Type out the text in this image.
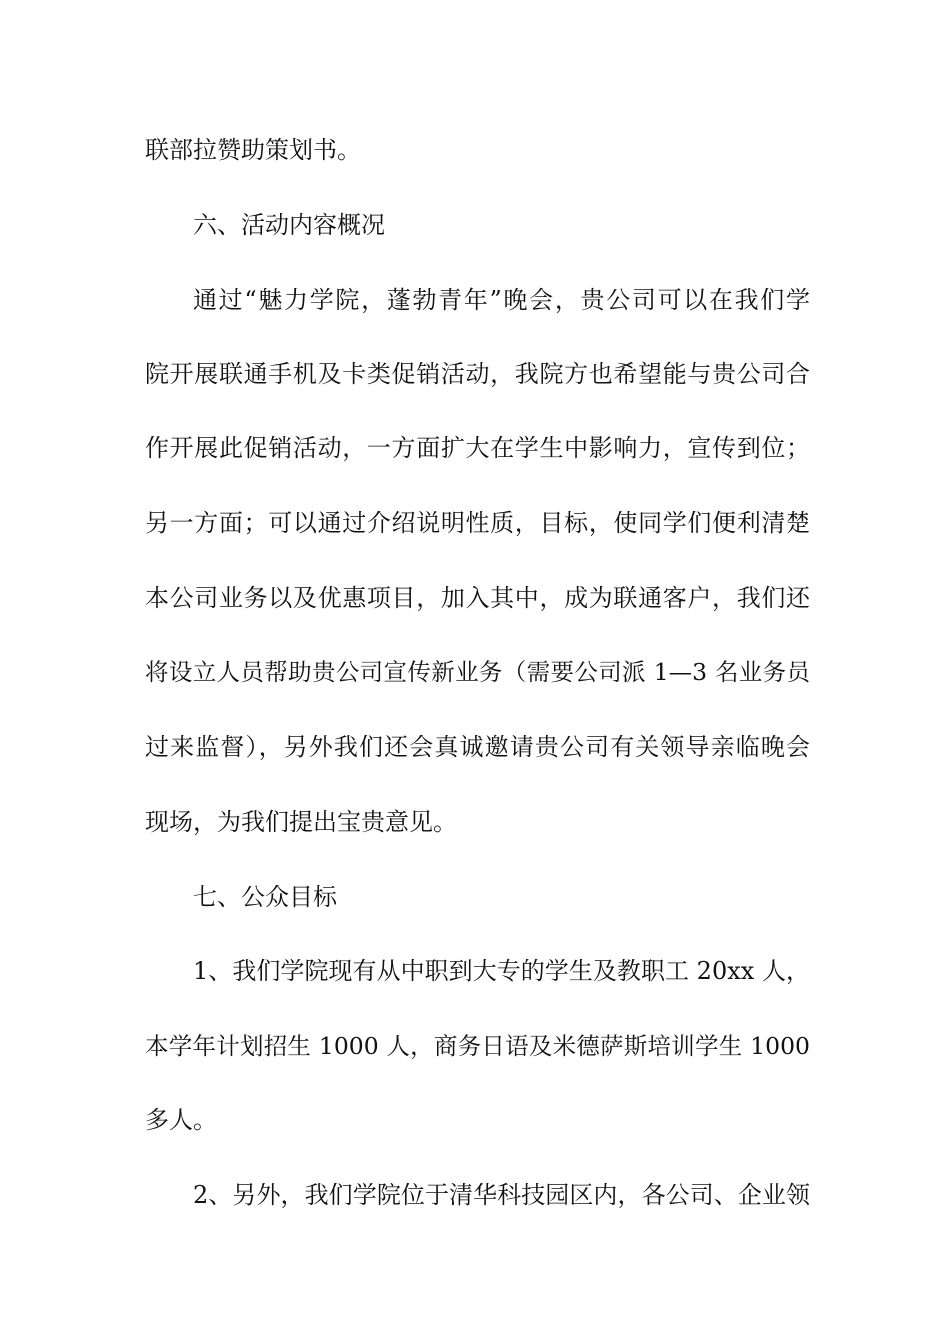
联部拉赞助策划书。
六、活动内容概况
通过“魅力学院，蓬勃青年”晚会，贵公司可以在我们学
院开展联通手机及卡类促销活动，我院方也希望能与贵公司合
作开展此促销活动，一方面扩大在学生中影响力，宣传到位；
另一方面；可以通过介绍说明性质，目标，使同学们便利清楚
本公司业务以及优惠项目，加入其中，成为联通客户，我们还
将设立人员帮助贵公司宣传新业务（需要公司派 1—3 名业务员
过来监督），另外我们还会真诚邀请贵公司有关领导亲临晚会
现场，为我们提出宝贵意见。
七、公众目标
1、我们学院现有从中职到大专的学生及教职工 20xx 人，
本学年计划招生 1000 人，商务日语及米德萨斯培训学生 1000
多人。
2、另外，我们学院位于清华科技园区内，各公司、企业领
